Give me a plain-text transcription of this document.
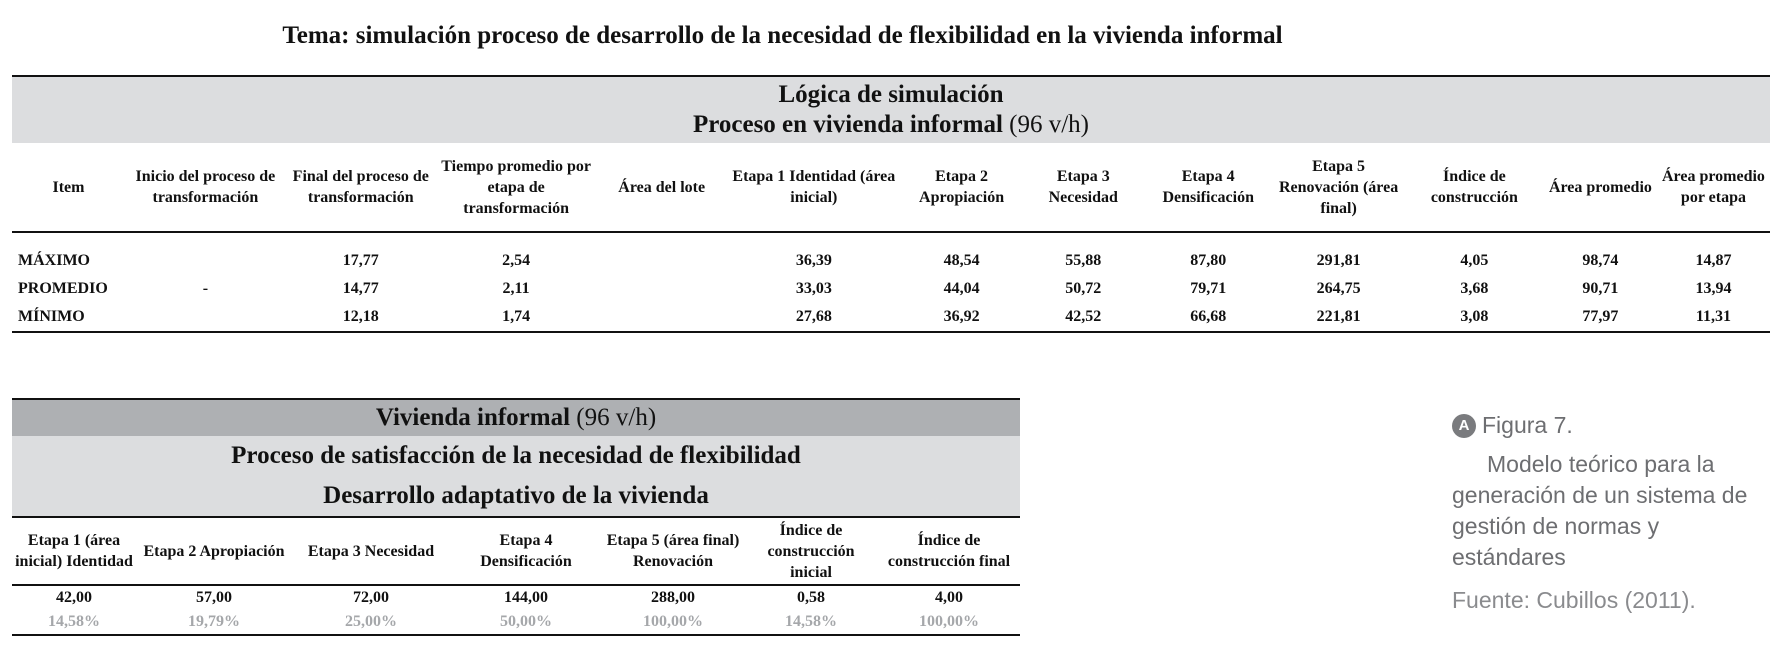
Tema: simulación proceso de desarrollo de la necesidad de flexibilidad en la vivienda informal
Lógica de simulación
Proceso en vivienda informal (96 v/h)
Item	Inicio del proceso de transformación	Final del proceso de transformación	Tiempo promedio por etapa de transformación	Área del lote	Etapa 1 Identidad (área inicial)	Etapa 2 Apropiación	Etapa 3 Necesidad	Etapa 4 Densificación	Etapa 5 Renovación (área final)	Índice de construcción	Área promedio	Área promedio por etapa
MÁXIMO		17,77	2,54		36,39	48,54	55,88	87,80	291,81	4,05	98,74	14,87
PROMEDIO	-	14,77	2,11		33,03	44,04	50,72	79,71	264,75	3,68	90,71	13,94
MÍNIMO		12,18	1,74		27,68	36,92	42,52	66,68	221,81	3,08	77,97	11,31
Vivienda informal (96 v/h)
Proceso de satisfacción de la necesidad de flexibilidad
Desarrollo adaptativo de la vivienda
Etapa 1 (área inicial) Identidad	Etapa 2 Apropiación	Etapa 3 Necesidad	Etapa 4 Densificación	Etapa 5 (área final) Renovación	Índice de construcción inicial	Índice de construcción final
42,00	57,00	72,00	144,00	288,00	0,58	4,00
14,58%	19,79%	25,00%	50,00%	100,00%	14,58%	100,00%
A Figura 7.
Modelo teórico para la generación de un sistema de gestión de normas y estándares
Fuente: Cubillos (2011).
